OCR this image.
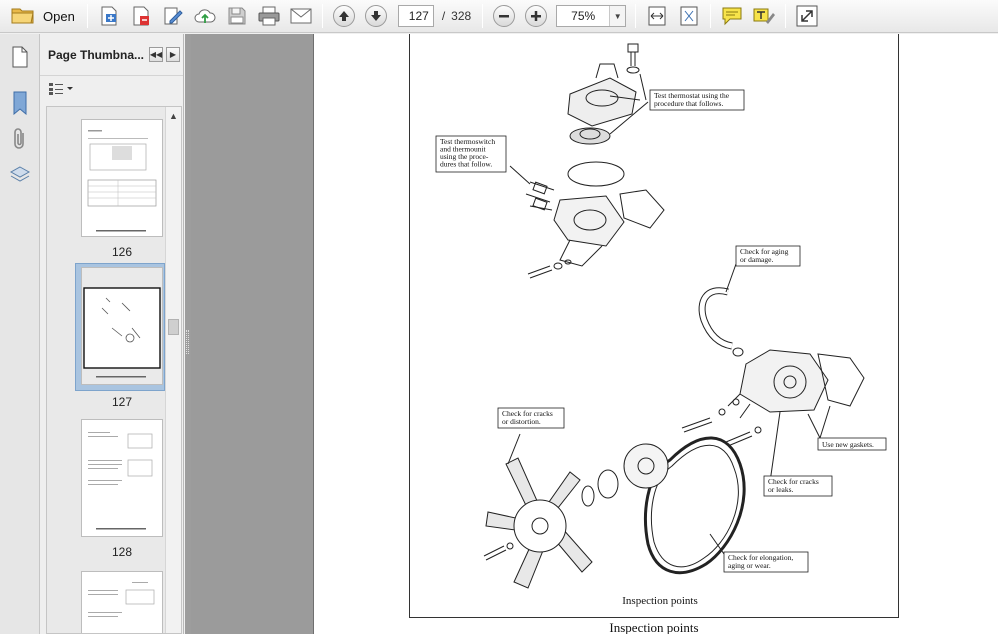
Open	127	/ 328	75%	▼
Page Thumbna... ◀◀ ▶
126
127
128
▲
Test thermostat using the procedure that follows.
Test thermoswitch and thermounit using the proce-dures that follow.
Check for aging or damage.
Check for cracks or distortion.
Use new gaskets.
Check for cracks or leaks.
Check for elongation, aging or wear.
Inspection points
Inspection points
